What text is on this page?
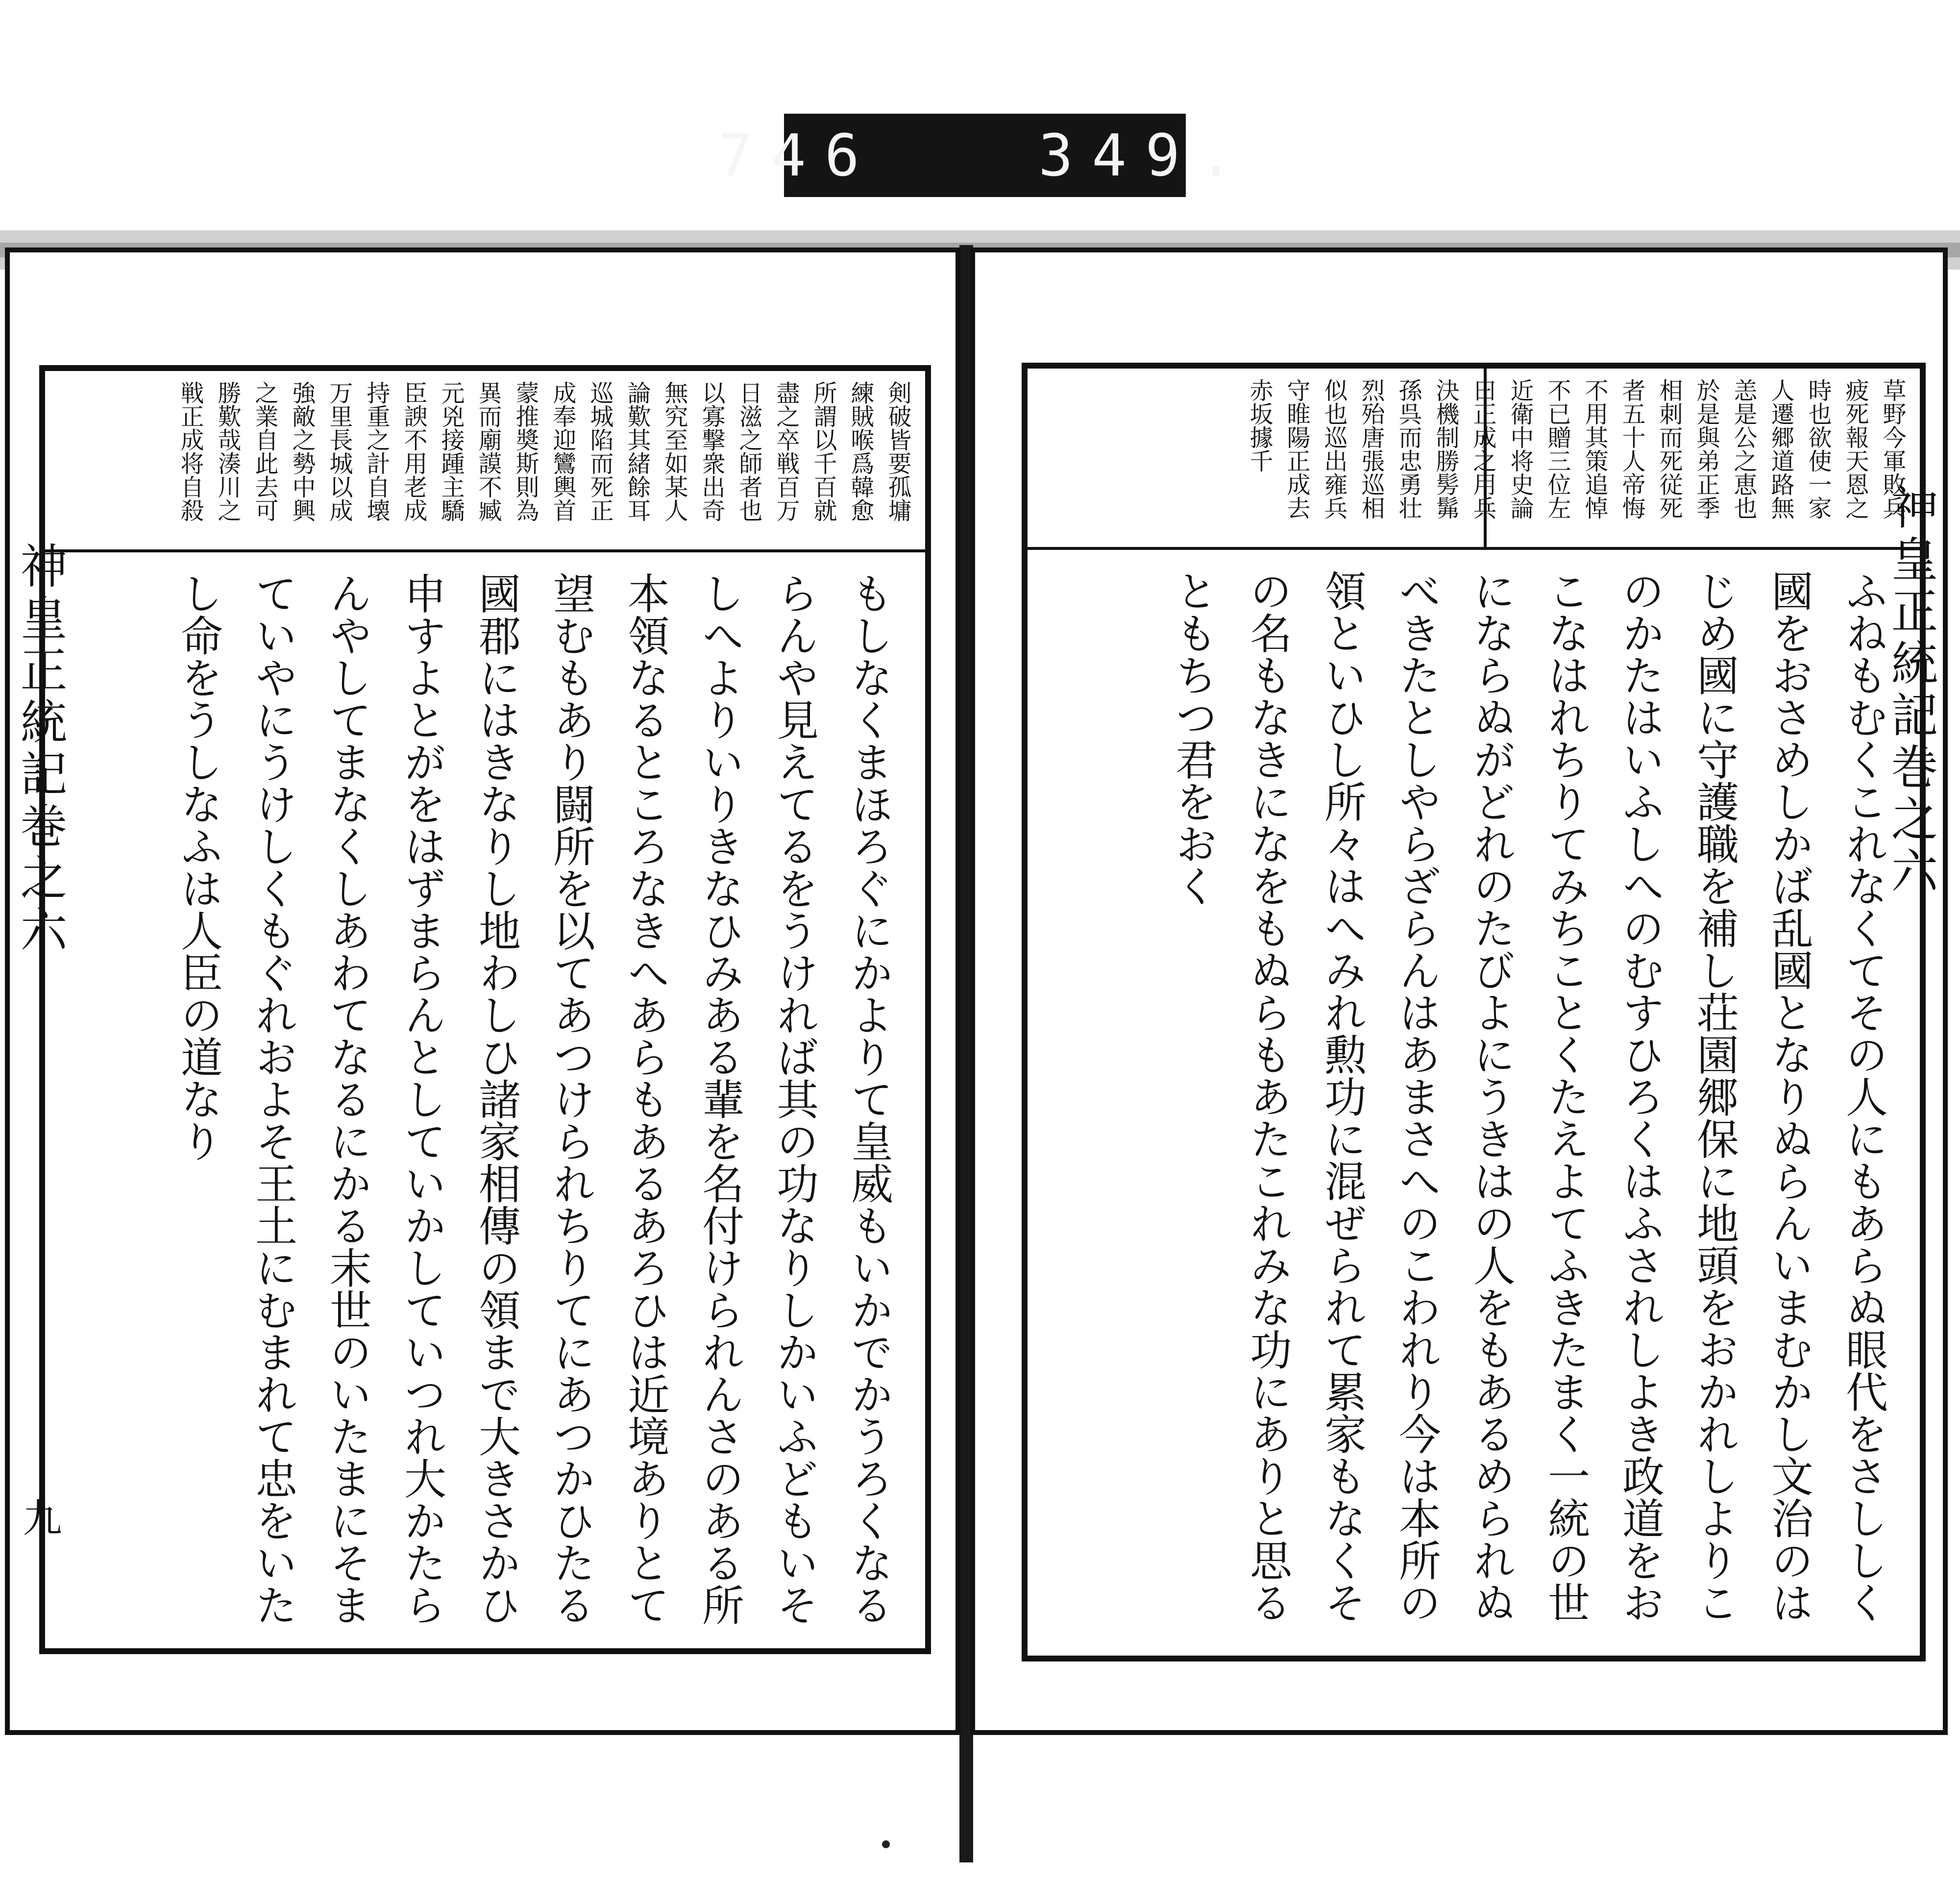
746   349.
神皇正統記巻之六
九
剣破皆要孤墉練賊喉爲韓愈所謂以千百就盡之卒戦百万日滋之師者也以寡撃衆出奇無究至如某人論歎其緒餘耳巡城陷而死正成奉迎鸞輿首蒙推奬斯則為異而廟謨不臧元兇接踵主驕臣諛不用老成持重之計自壊万里長城以成強敵之勢中興之業自此去可勝歎哉湊川之戦正成将自殺
もしなくまほろぐにかよりて皇威もいかでかうろくなるらんや見えてるをうければ其の功なりしかいふどもいそしへよりいりきなひみある輩を名付けられんさのある所本領なるところなきへあらもあるあろひは近境ありとて望むもあり闘所を以てあつけられちりてにあつかひたる國郡にはきなりし地わしひ諸家相傳の領まで大きさかひ申すよとがをはずまらんとしていかしていつれ大かたらんやしてまなくしあわてなるにかる末世のいたまにそまていやにうけしくもぐれおよそ王土にむまれて忠をいたし命をうしなふは人臣の道なり	神皇正統記巻之六
草野今軍敗兵疲死報天恩之時也欲使一家人遷郷道路無恙是公之恵也於是與弟正季相刺而死従死者五十人帝悔不用其策追悼不已贈三位左近衛中将史論曰正成之用兵決機制勝髣髴孫呉而忠勇壮烈殆唐張巡相似也巡出雍兵守睢陽正成去赤坂據千
ふねもむくこれなくてその人にもあらぬ眼代をさししく國をおさめしかば乱國となりぬらんいまむかし文治のはじめ國に守護職を補し荘園郷保に地頭をおかれしよりこのかたはいふしへのむすひろくはふされしよき政道をおこなはれちりてみちことくたえよてふきたまく一統の世にならぬがどれのたびよにうきはの人をもあるめられぬべきたとしやらざらんはあまさへのこわれり今は本所の領といひし所々はへみれ勲功に混ぜられて累家もなくその名もなきになをもぬらもあたこれみな功にありと思るともちつ君をおく
